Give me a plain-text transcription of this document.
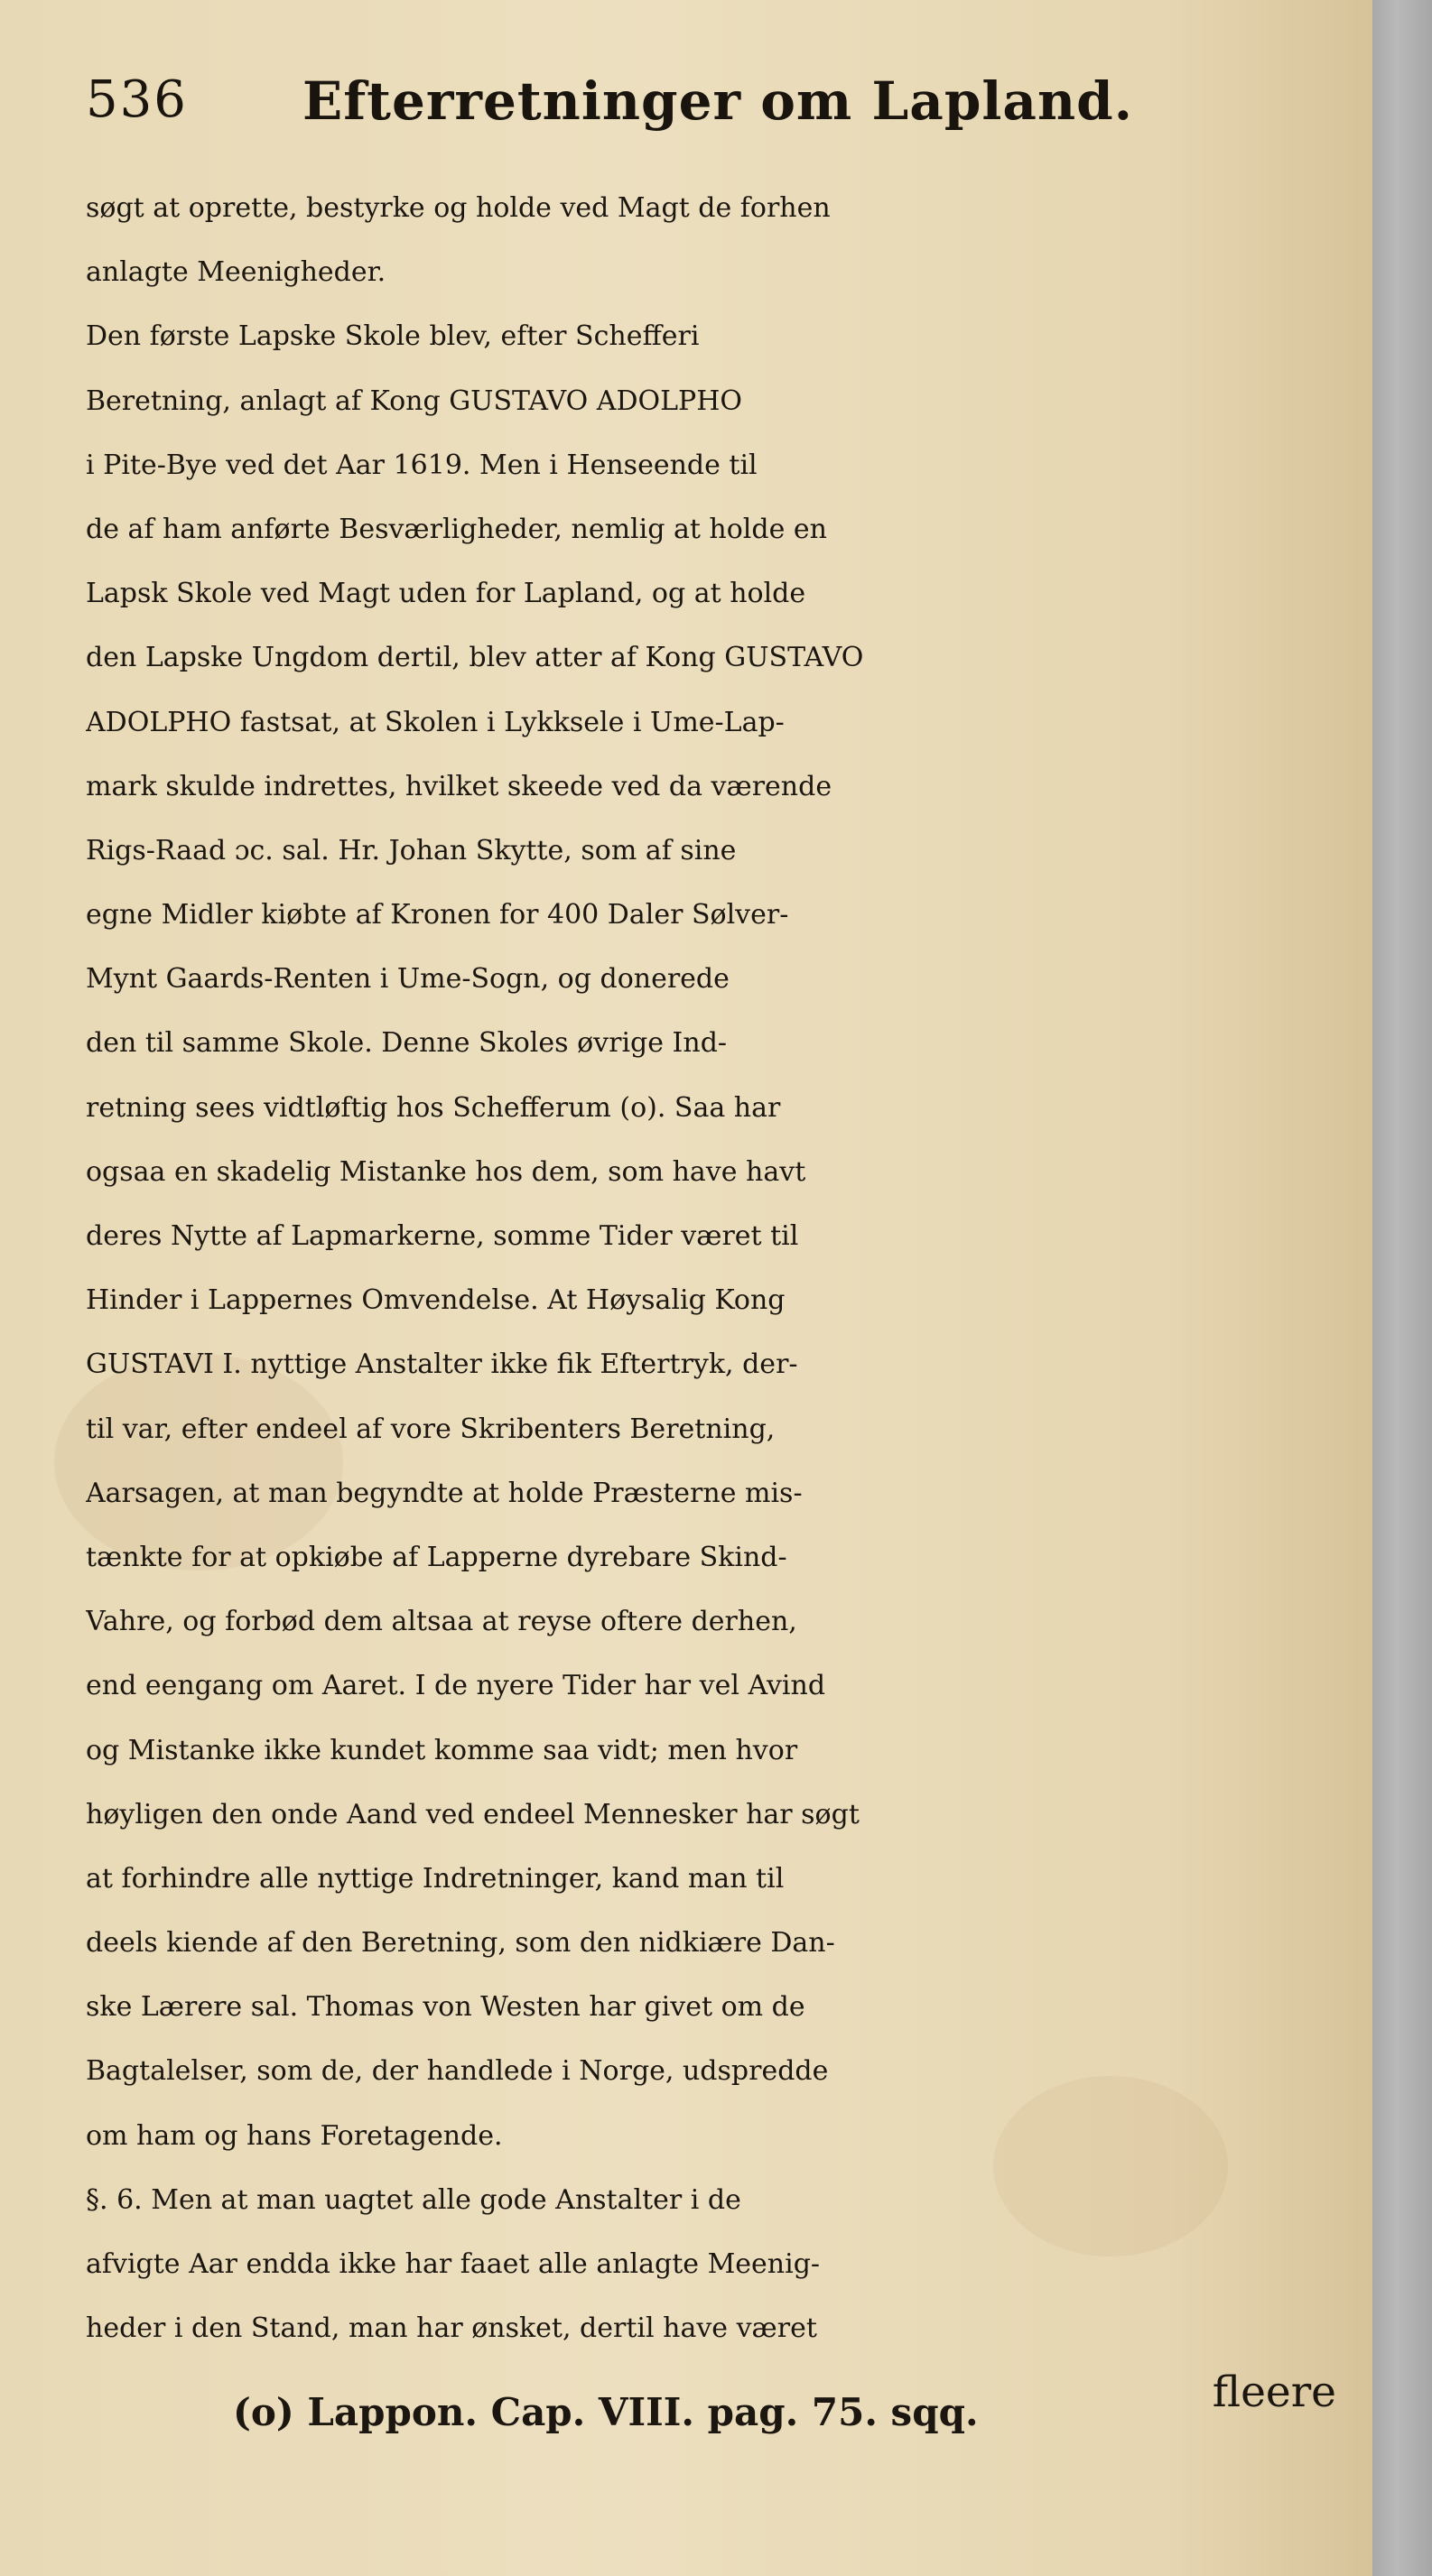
536 Efterretninger om Lapland.
søgt at oprette, bestyrke og holde ved Magt de forhen
anlagte Meenigheder.
Den første Lapske Skole blev, efter Schefferi
Beretning, anlagt af Kong GUSTAVO ADOLPHO
i Pite-Bye ved det Aar 1619. Men i Henseende til
de af ham anførte Besværligheder, nemlig at holde en
Lapsk Skole ved Magt uden for Lapland, og at holde
den Lapske Ungdom dertil, blev atter af Kong GUSTAVO
ADOLPHO fastsat, at Skolen i Lykksele i Ume-Lap-
mark skulde indrettes, hvilket skeede ved da værende
Rigs-Raad ɔc. sal. Hr. Johan Skytte, som af sine
egne Midler kiøbte af Kronen for 400 Daler Sølver-
Mynt Gaards-Renten i Ume-Sogn, og donerede
den til samme Skole. Denne Skoles øvrige Ind-
retning sees vidtløftig hos Schefferum (o). Saa har
ogsaa en skadelig Mistanke hos dem, som have havt
deres Nytte af Lapmarkerne, somme Tider været til
Hinder i Lappernes Omvendelse. At Høysalig Kong
GUSTAVI I. nyttige Anstalter ikke fik Eftertryk, der-
til var, efter endeel af vore Skribenters Beretning,
Aarsagen, at man begyndte at holde Præsterne mis-
tænkte for at opkiøbe af Lapperne dyrebare Skind-
Vahre, og forbød dem altsaa at reyse oftere derhen,
end eengang om Aaret. I de nyere Tider har vel Avind
og Mistanke ikke kundet komme saa vidt; men hvor
høyligen den onde Aand ved endeel Mennesker har søgt
at forhindre alle nyttige Indretninger, kand man til
deels kiende af den Beretning, som den nidkiære Dan-
ske Lærere sal. Thomas von Westen har givet om de
Bagtalelser, som de, der handlede i Norge, udspredde
om ham og hans Foretagende.
§. 6. Men at man uagtet alle gode Anstalter i de
afvigte Aar endda ikke har faaet alle anlagte Meenig-
heder i den Stand, man har ønsket, dertil have været
fleere
(o) Lappon. Cap. VIII. pag. 75. sqq.
